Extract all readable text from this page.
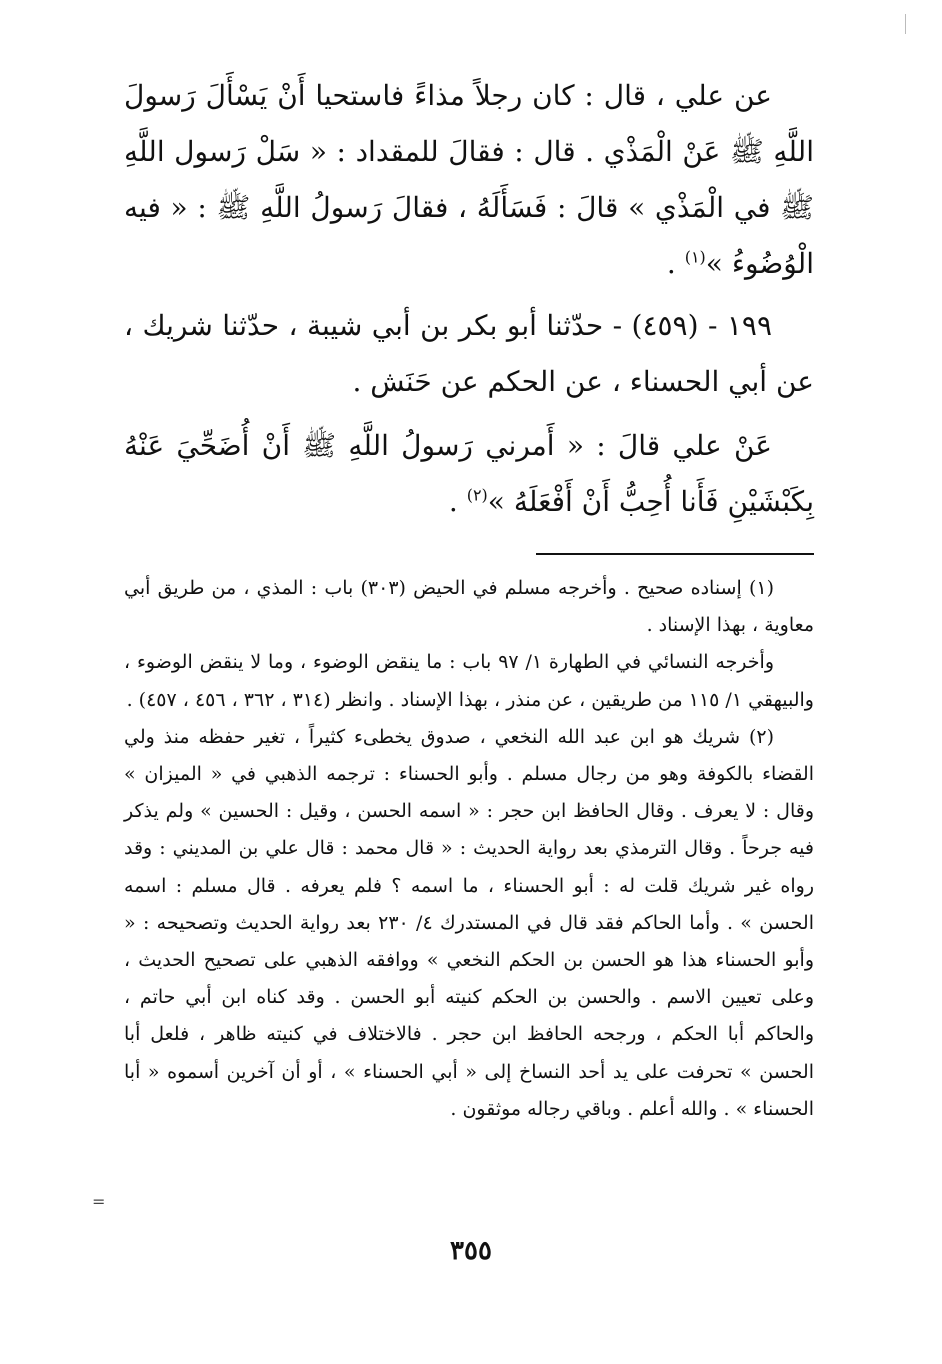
عن علي ، قال : كان رجلاً مذاءً فاستحيا أَنْ يَسْأَلَ رَسولَ اللَّهِ ﷺ عَنْ الْمَذْي . قال : فقالَ للمقداد : « سَلْ رَسول اللَّهِ ﷺ في الْمَذْي » قالَ : فَسَأَلَهُ ، فقالَ رَسولُ اللَّهِ ﷺ : « فيه الْوُضُوءُ »$^{(١)}$ .

١٩٩ - (٤٥٩) - حدّثنا أبو بكر بن أبي شيبة ، حدّثنا شريك ، عن أبي الحسناء ، عن الحكم عن حَنَش .

عَنْ علي قالَ : « أَمرني رَسولُ اللَّهِ ﷺ أَنْ أُضَحِّيَ عَنْهُ بِكَبْشَيْنِ فَأَنا أُحِبُّ أَنْ أَفْعَلَهُ »$^{(٢)}$ .

(١) إسناده صحيح . وأخرجه مسلم في الحيض (٣٠٣) باب : المذي ، من طريق أبي معاوية ، بهذا الإسناد .

وأخرجه النسائي في الطهارة ١/ ٩٧ باب : ما ينقض الوضوء ، وما لا ينقض الوضوء ، والبيهقي ١/ ١١٥ من طريقين ، عن منذر ، بهذا الإسناد . وانظر (٣١٤ ، ٣٦٢ ، ٤٥٦ ، ٤٥٧) .

(٢) شريك هو ابن عبد الله النخعي ، صدوق يخطىء كثيراً ، تغير حفظه منذ ولي القضاء بالكوفة وهو من رجال مسلم . وأبو الحسناء : ترجمه الذهبي في « الميزان » وقال : لا يعرف . وقال الحافظ ابن حجر : « اسمه الحسن ، وقيل : الحسين » ولم يذكر فيه جرحاً . وقال الترمذي بعد رواية الحديث : « قال محمد : قال علي بن المديني : وقد رواه غير شريك قلت له : أبو الحسناء ، ما اسمه ؟ فلم يعرفه . قال مسلم : اسمه الحسن » . وأما الحاكم فقد قال في المستدرك ٤/ ٢٣٠ بعد رواية الحديث وتصحيحه : « وأبو الحسناء هذا هو الحسن بن الحكم النخعي » ووافقه الذهبي على تصحيح الحديث ، وعلى تعيين الاسم . والحسن بن الحكم كنيته أبو الحسن . وقد كناه ابن أبي حاتم ، والحاكم أبا الحكم ، ورجحه الحافظ ابن حجر . فالاختلاف في كنيته ظاهر ، فلعل أبا الحسن » تحرفت على يد أحد النساخ إلى « أبي الحسناء » ، أو أن آخرين أسموه « أبا الحسناء » . والله أعلم . وباقي رجاله موثقون .

=
٣٥٥
